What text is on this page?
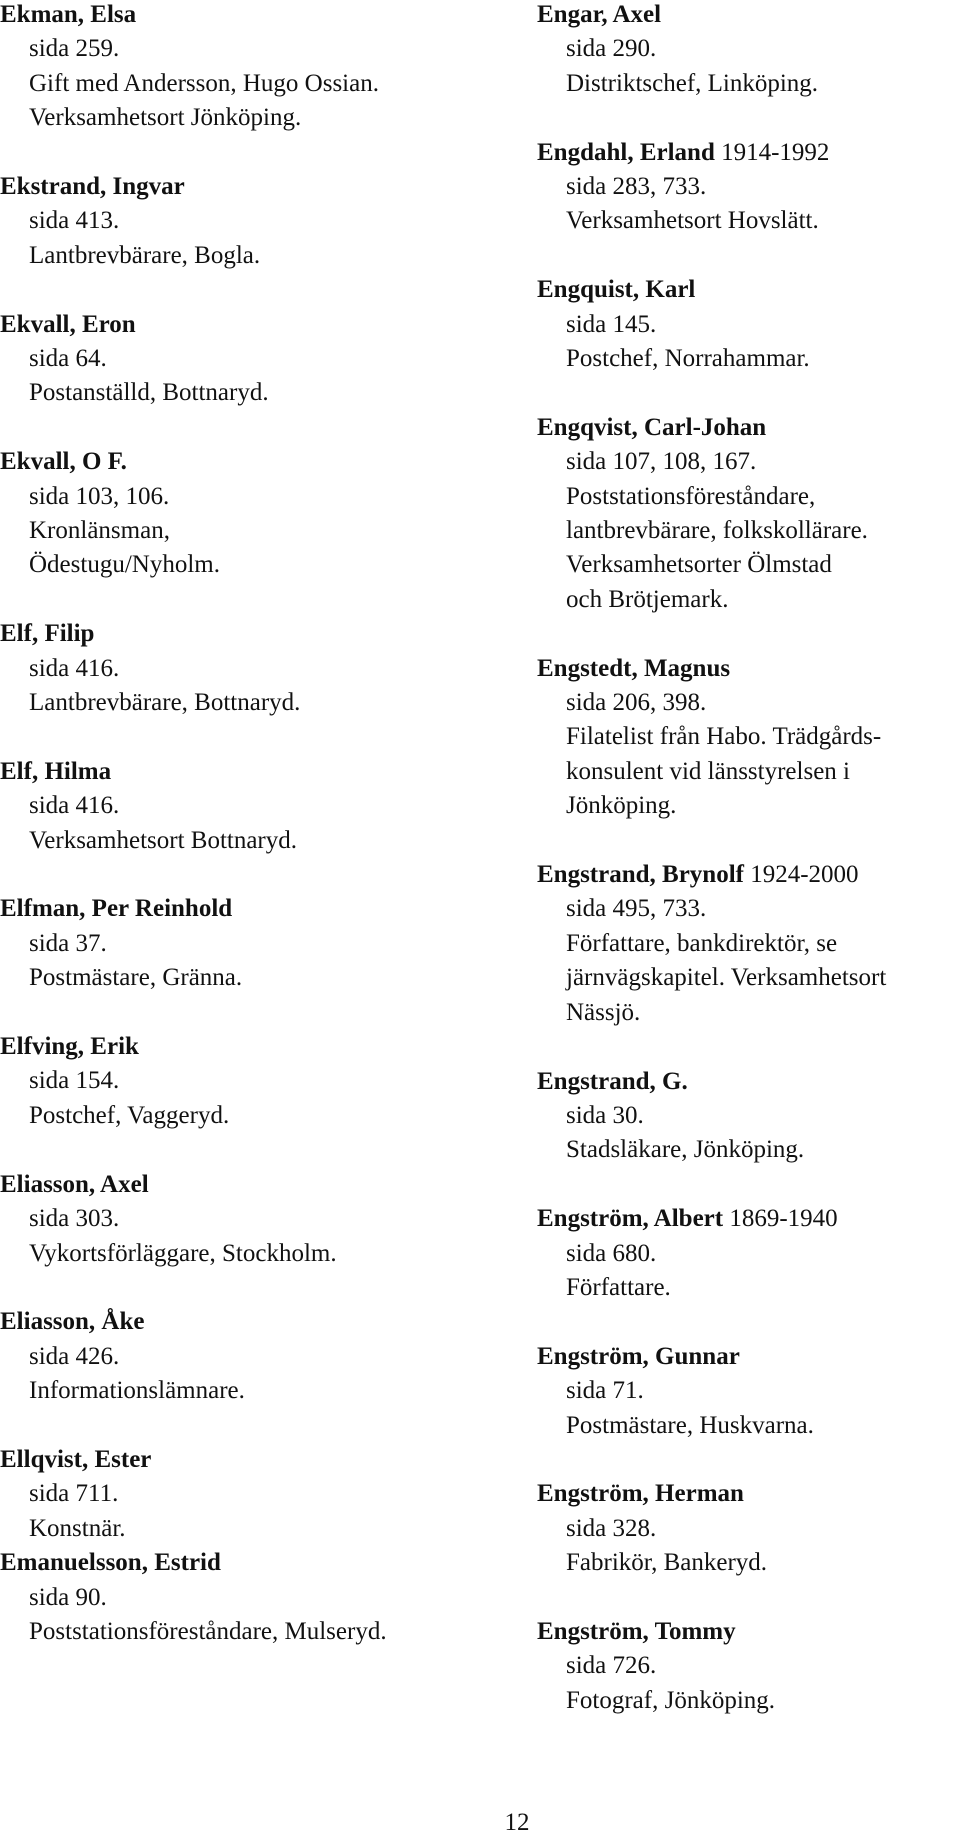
Ekman, Elsa
sida 259.
Gift med Andersson, Hugo Ossian.
Verksamhetsort Jönköping.
Ekstrand, Ingvar
sida 413.
Lantbrevbärare, Bogla.
Ekvall, Eron
sida 64.
Postanställd, Bottnaryd.
Ekvall, O F.
sida 103, 106.
Kronlänsman,
Ödestugu/Nyholm.
Elf, Filip
sida 416.
Lantbrevbärare, Bottnaryd.
Elf, Hilma
sida 416.
Verksamhetsort Bottnaryd.
Elfman, Per Reinhold
sida 37.
Postmästare, Gränna.
Elfving, Erik
sida 154.
Postchef, Vaggeryd.
Eliasson, Axel
sida 303.
Vykortsförläggare, Stockholm.
Eliasson, Åke
sida 426.
Informationslämnare.
Ellqvist, Ester
sida 711.
Konstnär.
Emanuelsson, Estrid
sida 90.
Poststationsföreståndare, Mulseryd.
Engar, Axel
sida 290.
Distriktschef, Linköping.
Engdahl, Erland 1914-1992
sida 283, 733.
Verksamhetsort Hovslätt.
Engquist, Karl
sida 145.
Postchef, Norrahammar.
Engqvist, Carl-Johan
sida 107, 108, 167.
Poststationsföreståndare,
lantbrevbärare, folkskollärare.
Verksamhetsorter Ölmstad
och Brötjemark.
Engstedt, Magnus
sida 206, 398.
Filatelist från Habo. Trädgårds-
konsulent vid länsstyrelsen i
Jönköping.
Engstrand, Brynolf 1924-2000
sida 495, 733.
Författare, bankdirektör, se
järnvägskapitel. Verksamhetsort
Nässjö.
Engstrand, G.
sida 30.
Stadsläkare, Jönköping.
Engström, Albert 1869-1940
sida 680.
Författare.
Engström, Gunnar
sida 71.
Postmästare, Huskvarna.
Engström, Herman
sida 328.
Fabrikör, Bankeryd.
Engström, Tommy
sida 726.
Fotograf, Jönköping.
12
